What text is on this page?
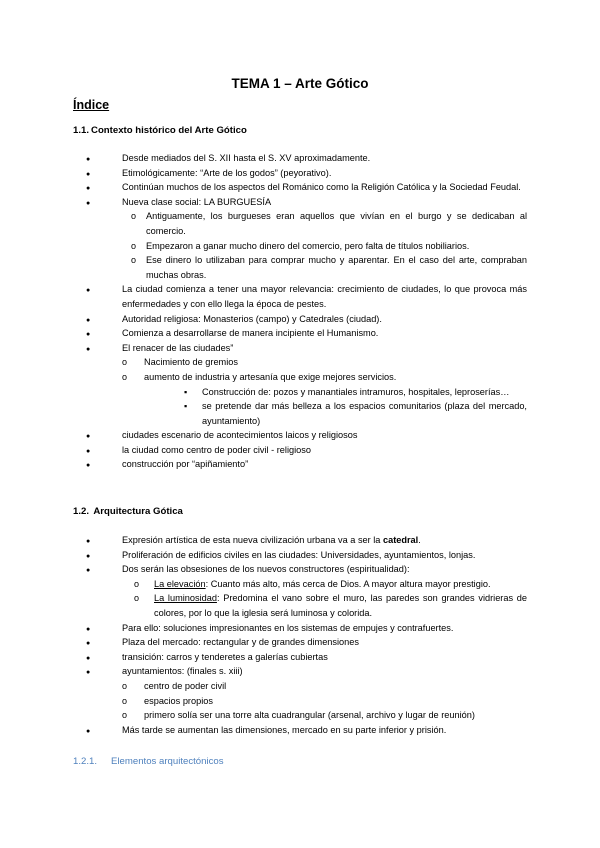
TEMA 1 – Arte Gótico
Índice
1.1. Contexto histórico del Arte Gótico
●
Desde mediados del S. XII hasta el S. XV aproximadamente.
●
Etimológicamente: “Arte de los godos” (peyorativo).
●
Continúan muchos de los aspectos del Románico como la Religión Católica y la Sociedad Feudal.
●
Nueva clase social: LA BURGUESÍA
o
Antiguamente, los burgueses eran aquellos que vivían en el burgo y se dedicaban al comercio.
o
Empezaron a ganar mucho dinero del comercio, pero falta de títulos nobiliarios.
o
Ese dinero lo utilizaban para comprar mucho y aparentar. En el caso del arte, compraban muchas obras.
●
La ciudad comienza a tener una mayor relevancia: crecimiento de ciudades, lo que provoca más enfermedades y con ello llega la época de pestes.
●
Autoridad religiosa: Monasterios (campo) y Catedrales (ciudad).
●
Comienza a desarrollarse de manera incipiente el Humanismo.
●
El renacer de las ciudades”
o
Nacimiento de gremios
o
aumento de industria y artesanía que exige mejores servicios.
▪
Construcción de: pozos y manantiales intramuros, hospitales, leproserías…
▪
se pretende dar más belleza a los espacios comunitarios (plaza del mercado, ayuntamiento)
●
ciudades escenario de acontecimientos laicos y religiosos
●
la ciudad como centro de poder civil - religioso
●
construcción por “apiñamiento”
1.2. Arquitectura Gótica
●
Expresión artística de esta nueva civilización urbana va a ser la catedral.
●
Proliferación de edificios civiles en las ciudades: Universidades, ayuntamientos, lonjas.
●
Dos serán las obsesiones de los nuevos constructores (espiritualidad):
o
La elevación: Cuanto más alto, más cerca de Dios. A mayor altura mayor prestigio.
o
La luminosidad: Predomina el vano sobre el muro, las paredes son grandes vidrieras de colores, por lo que la iglesia será luminosa y colorida.
●
Para ello: soluciones impresionantes en los sistemas de empujes y contrafuertes.
●
Plaza del mercado: rectangular y de grandes dimensiones
●
transición: carros y tenderetes a galerías cubiertas
●
ayuntamientos: (finales s. xiii)
o
centro de poder civil
o
espacios propios
o
primero solía ser una torre alta cuadrangular (arsenal, archivo y lugar de reunión)
●
Más tarde se aumentan las dimensiones, mercado en su parte inferior y prisión.
1.2.1. Elementos arquitectónicos
